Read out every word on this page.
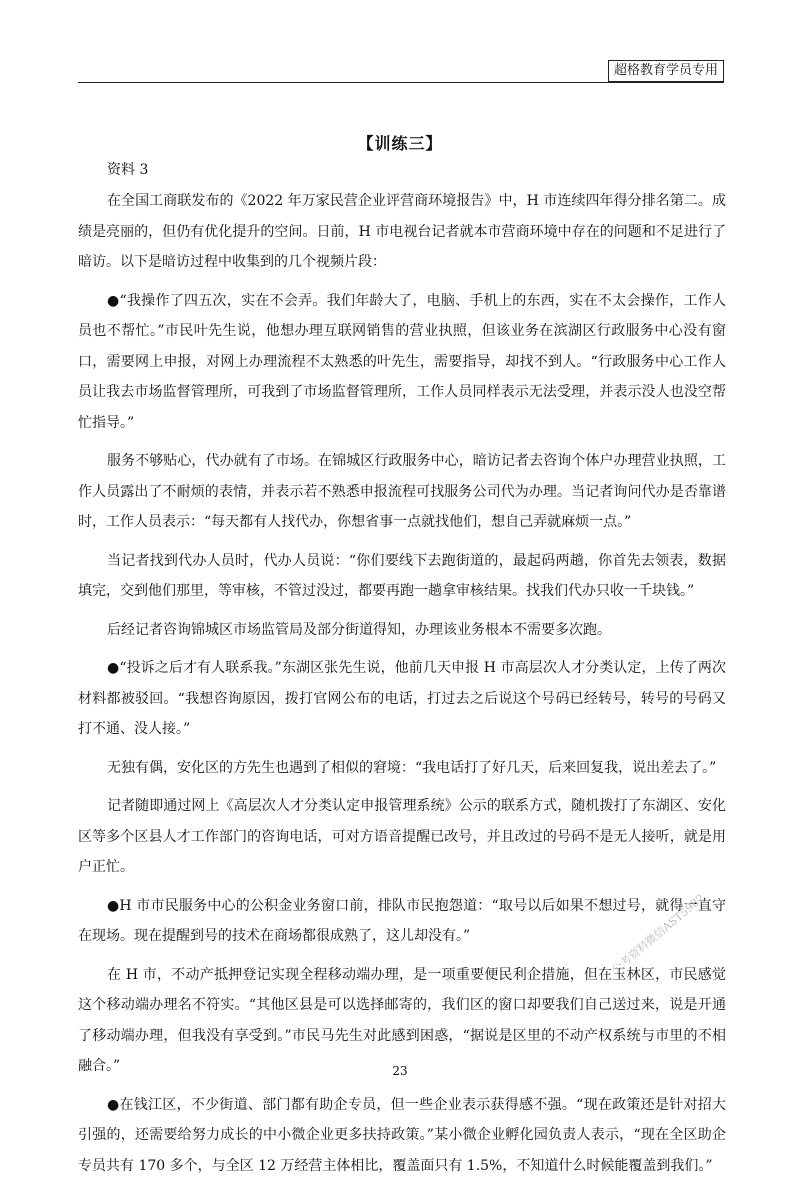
超格教育学员专用
【训练三】
资料 3

在全国工商联发布的《2022 年万家民营企业评营商环境报告》中，H 市连续四年得分排名第二。成绩是亮丽的，但仍有优化提升的空间。日前，H 市电视台记者就本市营商环境中存在的问题和不足进行了暗访。以下是暗访过程中收集到的几个视频片段：

●“我操作了四五次，实在不会弄。我们年龄大了，电脑、手机上的东西，实在不太会操作，工作人员也不帮忙。”市民叶先生说，他想办理互联网销售的营业执照，但该业务在滨湖区行政服务中心没有窗口，需要网上申报，对网上办理流程不太熟悉的叶先生，需要指导，却找不到人。“行政服务中心工作人员让我去市场监督管理所，可我到了市场监督管理所，工作人员同样表示无法受理，并表示没人也没空帮忙指导。”

服务不够贴心，代办就有了市场。在锦城区行政服务中心，暗访记者去咨询个体户办理营业执照，工作人员露出了不耐烦的表情，并表示若不熟悉申报流程可找服务公司代为办理。当记者询问代办是否靠谱时，工作人员表示：“每天都有人找代办，你想省事一点就找他们，想自己弄就麻烦一点。”

当记者找到代办人员时，代办人员说：“你们要线下去跑街道的，最起码两趟，你首先去领表，数据填完，交到他们那里，等审核，不管过没过，都要再跑一趟拿审核结果。找我们代办只收一千块钱。”

后经记者咨询锦城区市场监管局及部分街道得知，办理该业务根本不需要多次跑。

●“投诉之后才有人联系我。”东湖区张先生说，他前几天申报 H 市高层次人才分类认定，上传了两次材料都被驳回。“我想咨询原因，拨打官网公布的电话，打过去之后说这个号码已经转号，转号的号码又打不通、没人接。”

无独有偶，安化区的方先生也遇到了相似的窘境：“我电话打了好几天，后来回复我，说出差去了。”

记者随即通过网上《高层次人才分类认定申报管理系统》公示的联系方式，随机拨打了东湖区、安化区等多个区县人才工作部门的咨询电话，可对方语音提醒已改号，并且改过的号码不是无人接听，就是用户正忙。

●H 市市民服务中心的公积金业务窗口前，排队市民抱怨道：“取号以后如果不想过号，就得一直守在现场。现在提醒到号的技术在商场都很成熟了，这儿却没有。”

在 H 市，不动产抵押登记实现全程移动端办理，是一项重要便民利企措施，但在玉林区，市民感觉这个移动端办理名不符实。“其他区县是可以选择邮寄的，我们区的窗口却要我们自己送过来，说是开通了移动端办理，但我没有享受到。”市民马先生对此感到困惑，“据说是区里的不动产权系统与市里的不相融合。”

●在钱江区，不少街道、部门都有助企专员，但一些企业表示获得感不强。“现在政策还是针对招大引强的，还需要给努力成长的中小微企业更多扶持政策。”某小微企业孵化园负责人表示，“现在全区助企专员共有 170 多个，与全区 12 万经营主体相比，覆盖面只有 1.5%，不知道什么时候能覆盖到我们。”

公考资料微信AST5982
23
